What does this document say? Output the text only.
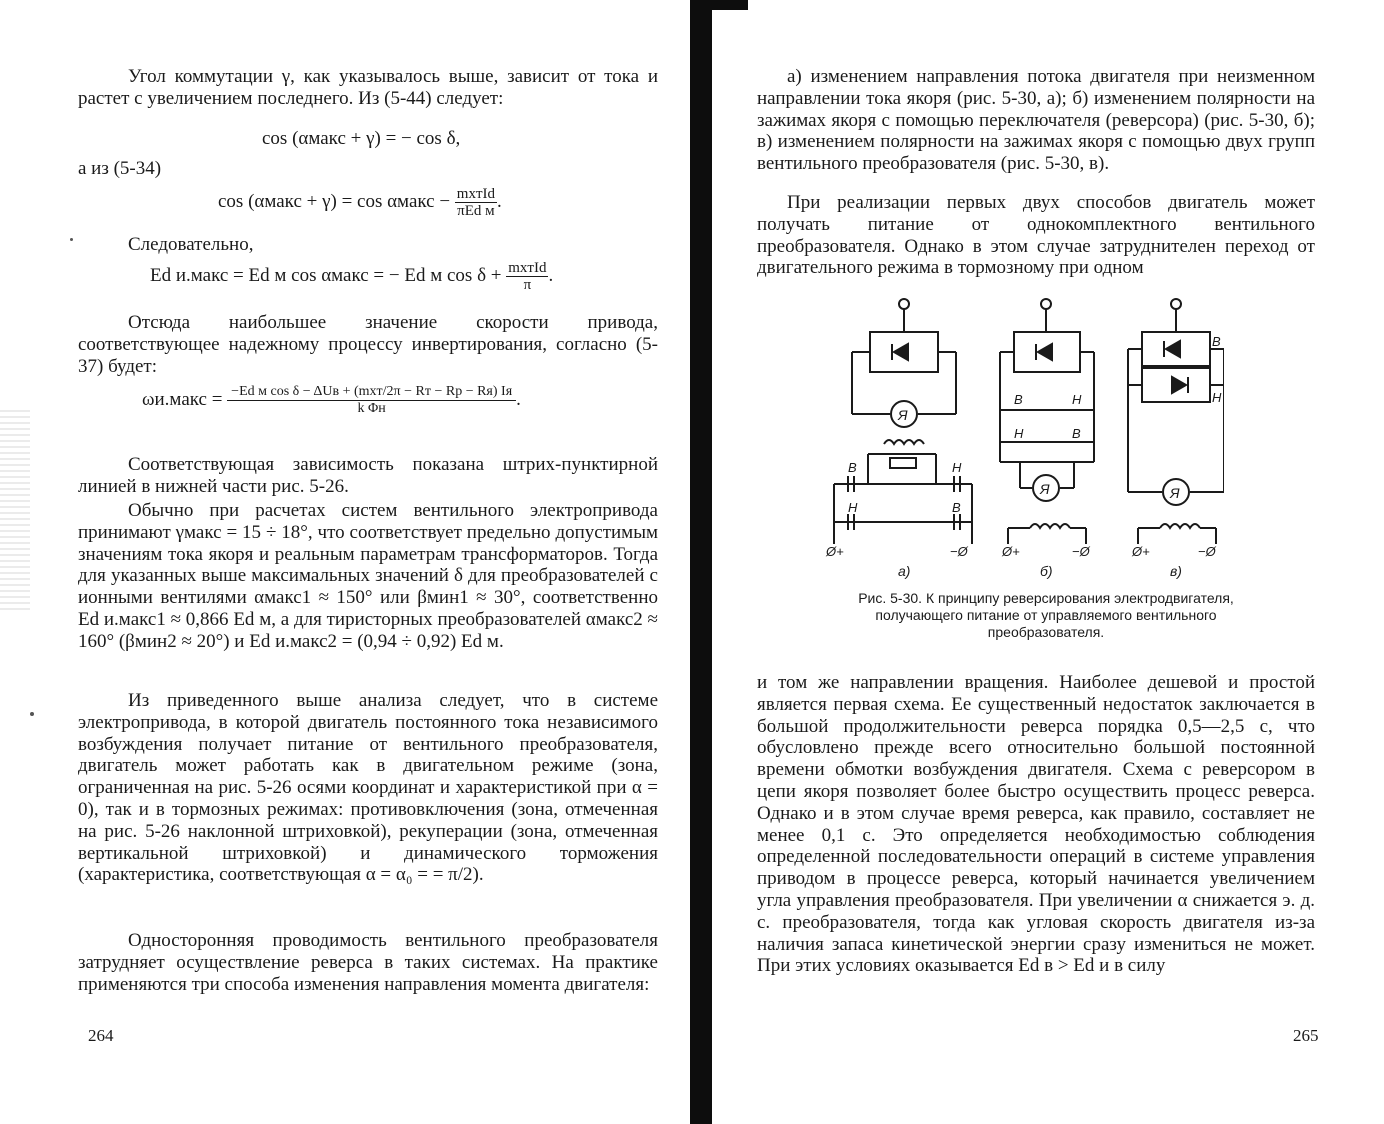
Угол коммутации γ, как указывалось выше, зависит от тока и растет с увеличением последнего. Из (5-44) следует:

cos (αмакс + γ) = − cos δ,

а из (5-34)

cos (αмакс + γ) = cos αмакс − $\frac{\text{mxтId}}{\text{πEd м}}$ .

Следовательно,

Ed и.макс = Ed м cos αмакс = − Ed м $\cos \delta + \frac{\text{mxтId}}{\pi}$ .

Отсюда наибольшее значение скорости привода, соответствующее надежному процессу инвертирования, согласно (5-37) будет:

ωи.макс = $\frac{\text{−Ed м cos δ − ΔUв + (mxт/2π − Rт − Rр − Rя) Iя}}{\text{k Φн}}$ .

Соответствующая зависимость показана штрих-пунктирной линией в нижней части рис. 5-26.

Обычно при расчетах систем вентильного электропривода принимают γмакс = 15 ÷ 18°, что соответствует предельно допустимым значениям тока якоря и реальным параметрам трансформаторов. Тогда для указанных выше максимальных значений δ для преобразователей с ионными вентилями αмакс1 ≈ 150° или βмин1 ≈ 30°, соответственно Ed и.макс1 ≈ 0,866 Ed м, а для тиристорных преобразователей αмакс2 ≈ 160° (βмин2 ≈ 20°) и Ed и.макс2 = (0,94 ÷ 0,92) Ed м.

Из приведенного выше анализа следует, что в системе электропривода, в которой двигатель постоянного тока независимого возбуждения получает питание от вентильного преобразователя, двигатель может работать как в двигательном режиме (зона, ограниченная на рис. 5-26 осями координат и характеристикой при α = 0), так и в тормозных режимах: противовключения (зона, отмеченная на рис. 5-26 наклонной штриховкой), рекуперации (зона, отмеченная вертикальной штриховкой) и динамического торможения (характеристика, соответствующая α = α₀ = = π/2).

Односторонняя проводимость вентильного преобразователя затрудняет осуществление реверса в таких системах. На практике применяются три способа изменения направления момента двигателя:

264

а) изменением направления потока двигателя при неизменном направлении тока якоря (рис. 5-30, а); б) изменением полярности на зажимах якоря с помощью переключателя (реверсора) (рис. 5-30, б); в) изменением полярности на зажимах якоря с помощью двух групп вентильного преобразователя (рис. 5-30, в).

При реализации первых двух способов двигатель может получать питание от однокомплектного вентильного преобразователя. Однако в этом случае затруднителен переход от двигательного режима в тормозному при одном

и том же направлении вращения. Наиболее дешевой и простой является первая схема. Ее существенный недостаток заключается в большой продолжительности реверса порядка 0,5—2,5 с, что обусловлено прежде всего относительно большой постоянной времени обмотки возбуждения двигателя. Схема с реверсором в цепи якоря позволяет более быстро осуществить процесс реверса. Однако и в этом случае время реверса, как правило, составляет не менее 0,1 с. Это определяется необходимостью соблюдения определенной последовательности операций в системе управления приводом в процессе реверса, который начинается увеличением угла управления преобразователя. При увеличении α снижается э. д. с. преобразователя, тогда как угловая скорость двигателя из-за наличия запаса кинетической энергии сразу измениться не может. При этих условиях оказывается Ed в > Ed и в силу

265
Я
В	Н
Н	В
Ø+	−Ø
а)
В	Н
Н	В
Я
Ø+	−Ø
б)
В
Н
Я
Ø+	−Ø
в)
Рис. 5-30. К принципу реверсирования электродвигателя, получающего питание от управляемого вентильного преобразователя.
